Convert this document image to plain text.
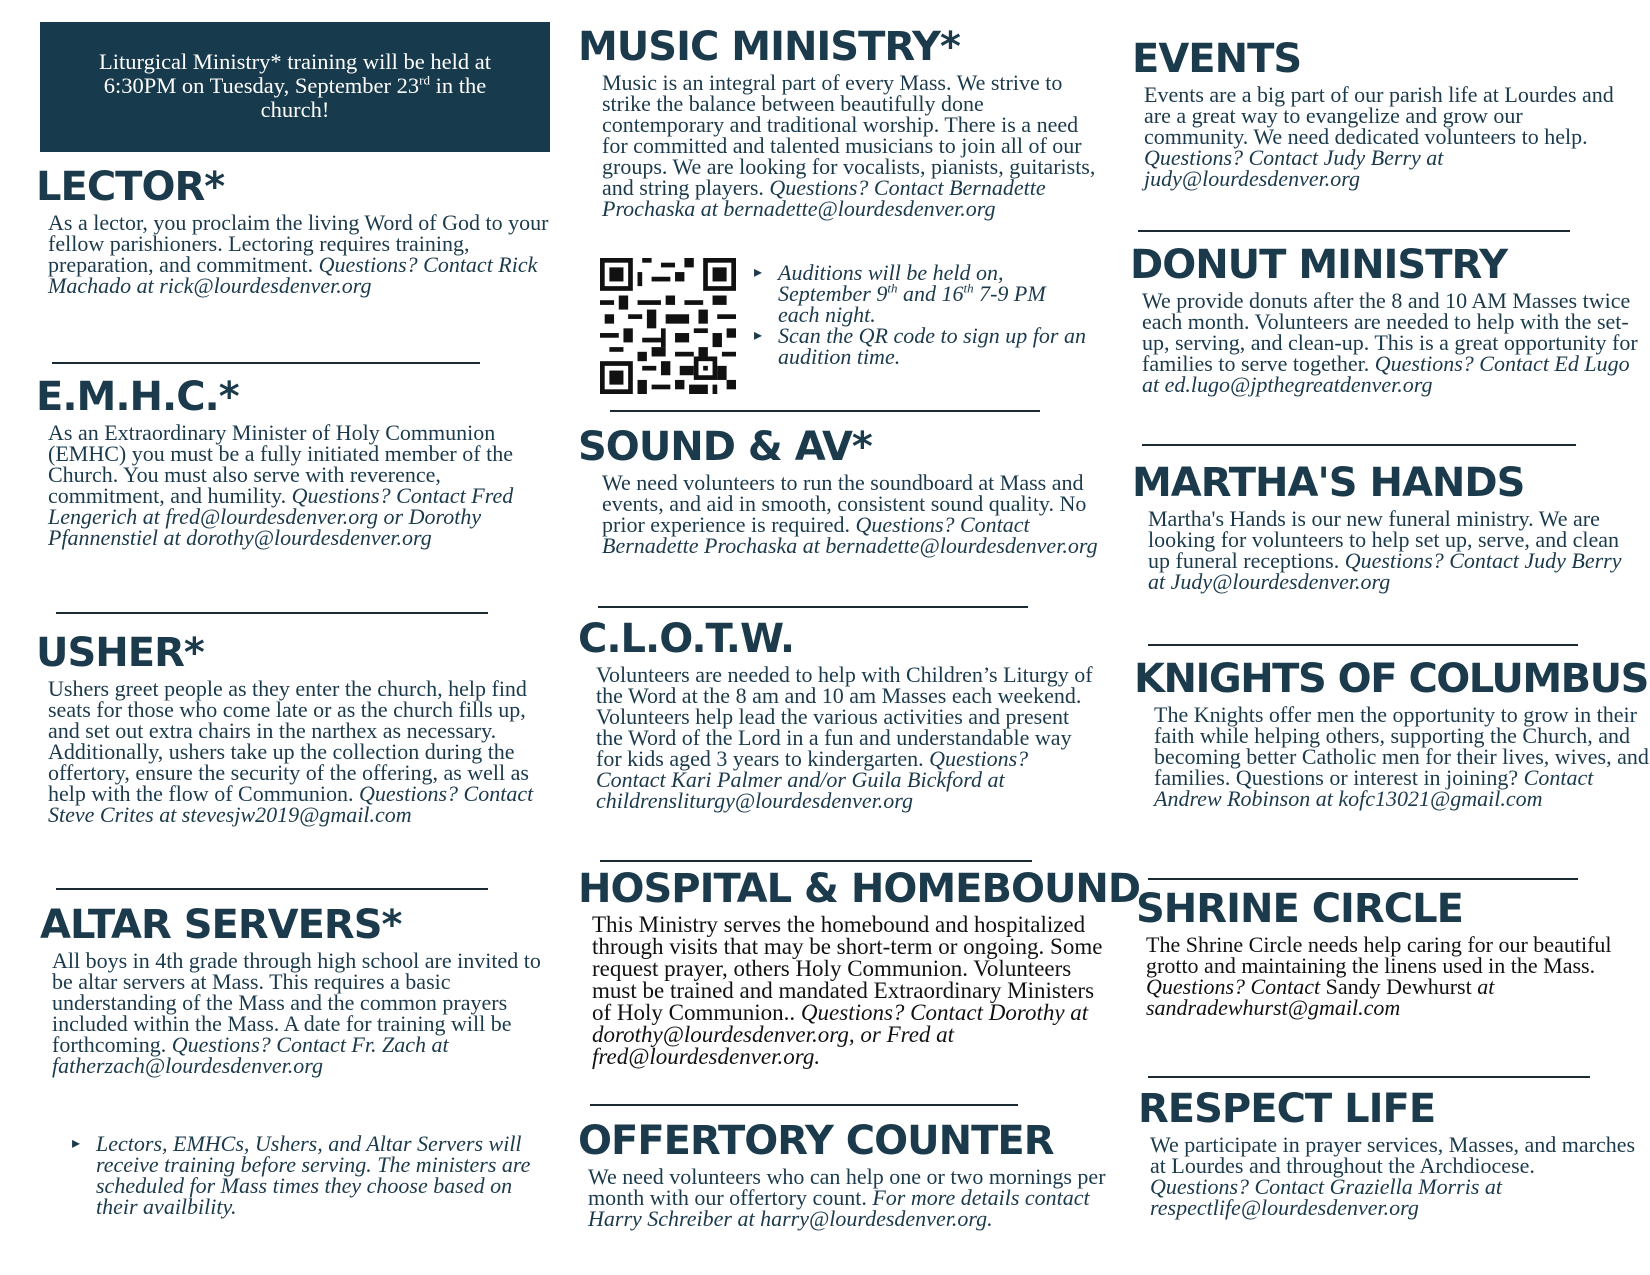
Liturgical Ministry* training will be held at
6:30PM on Tuesday, September 23rd in the
church!
LECTOR*

As a lector, you proclaim the living Word of God to your fellow parishioners. Lectoring requires training, preparation, and commitment. Questions? Contact Rick Machado at rick@lourdesdenver.org

E.M.H.C.*

As an Extraordinary Minister of Holy Communion (EMHC) you must be a fully initiated member of the Church. You must also serve with reverence, commitment, and humility. Questions? Contact Fred Lengerich at fred@lourdesdenver.org or Dorothy Pfannenstiel at dorothy@lourdesdenver.org

USHER*

Ushers greet people as they enter the church, help find seats for those who come late or as the church fills up, and set out extra chairs in the narthex as necessary. Additionally, ushers take up the collection during the offertory, ensure the security of the offering, as well as help with the flow of Communion. Questions? Contact Steve Crites at stevesjw2019@gmail.com

ALTAR SERVERS*

All boys in 4th grade through high school are invited to be altar servers at Mass. This requires a basic understanding of the Mass and the common prayers included within the Mass. A date for training will be forthcoming. Questions? Contact Fr. Zach at fatherzach@lourdesdenver.org

▸ Lectors, EMHCs, Ushers, and Altar Servers will receive training before serving. The ministers are scheduled for Mass times they choose based on their availbility.
MUSIC MINISTRY*

Music is an integral part of every Mass. We strive to strike the balance between beautifully done contemporary and traditional worship. There is a need for committed and talented musicians to join all of our groups. We are looking for vocalists, pianists, guitarists, and string players. Questions? Contact Bernadette Prochaska at bernadette@lourdesdenver.org

▸ Auditions will be held on, September 9th and 16th 7-9 PM each night.
▸ Scan the QR code to sign up for an audition time.
SOUND & AV*

We need volunteers to run the soundboard at Mass and events, and aid in smooth, consistent sound quality. No prior experience is required. Questions? Contact Bernadette Prochaska at bernadette@lourdesdenver.org

C.L.O.T.W.

Volunteers are needed to help with Children’s Liturgy of the Word at the 8 am and 10 am Masses each weekend. Volunteers help lead the various activities and present the Word of the Lord in a fun and understandable way for kids aged 3 years to kindergarten. Questions? Contact Kari Palmer and/or Guila Bickford at childrensliturgy@lourdesdenver.org

HOSPITAL & HOMEBOUND

This Ministry serves the homebound and hospitalized through visits that may be short-term or ongoing. Some request prayer, others Holy Communion. Volunteers must be trained and mandated Extraordinary Ministers of Holy Communion.. Questions? Contact Dorothy at dorothy@lourdesdenver.org, or Fred at fred@lourdesdenver.org.

OFFERTORY COUNTER

We need volunteers who can help one or two mornings per month with our offertory count. For more details contact Harry Schreiber at harry@lourdesdenver.org.

EVENTS

Events are a big part of our parish life at Lourdes and are a great way to evangelize and grow our community. We need dedicated volunteers to help. Questions? Contact Judy Berry at judy@lourdesdenver.org

DONUT MINISTRY

We provide donuts after the 8 and 10 AM Masses twice each month. Volunteers are needed to help with the set-up, serving, and clean-up. This is a great opportunity for families to serve together. Questions? Contact Ed Lugo at ed.lugo@jpthegreatdenver.org

MARTHA'S HANDS

Martha's Hands is our new funeral ministry. We are looking for volunteers to help set up, serve, and clean up funeral receptions. Questions? Contact Judy Berry at Judy@lourdesdenver.org

KNIGHTS OF COLUMBUS

The Knights offer men the opportunity to grow in their faith while helping others, supporting the Church, and becoming better Catholic men for their lives, wives, and families. Questions or interest in joining? Contact Andrew Robinson at kofc13021@gmail.com

SHRINE CIRCLE

The Shrine Circle needs help caring for our beautiful grotto and maintaining the linens used in the Mass. Questions? Contact Sandy Dewhurst at sandradewhurst@gmail.com

RESPECT LIFE

We participate in prayer services, Masses, and marches at Lourdes and throughout the Archdiocese. Questions? Contact Graziella Morris at respectlife@lourdesdenver.org
